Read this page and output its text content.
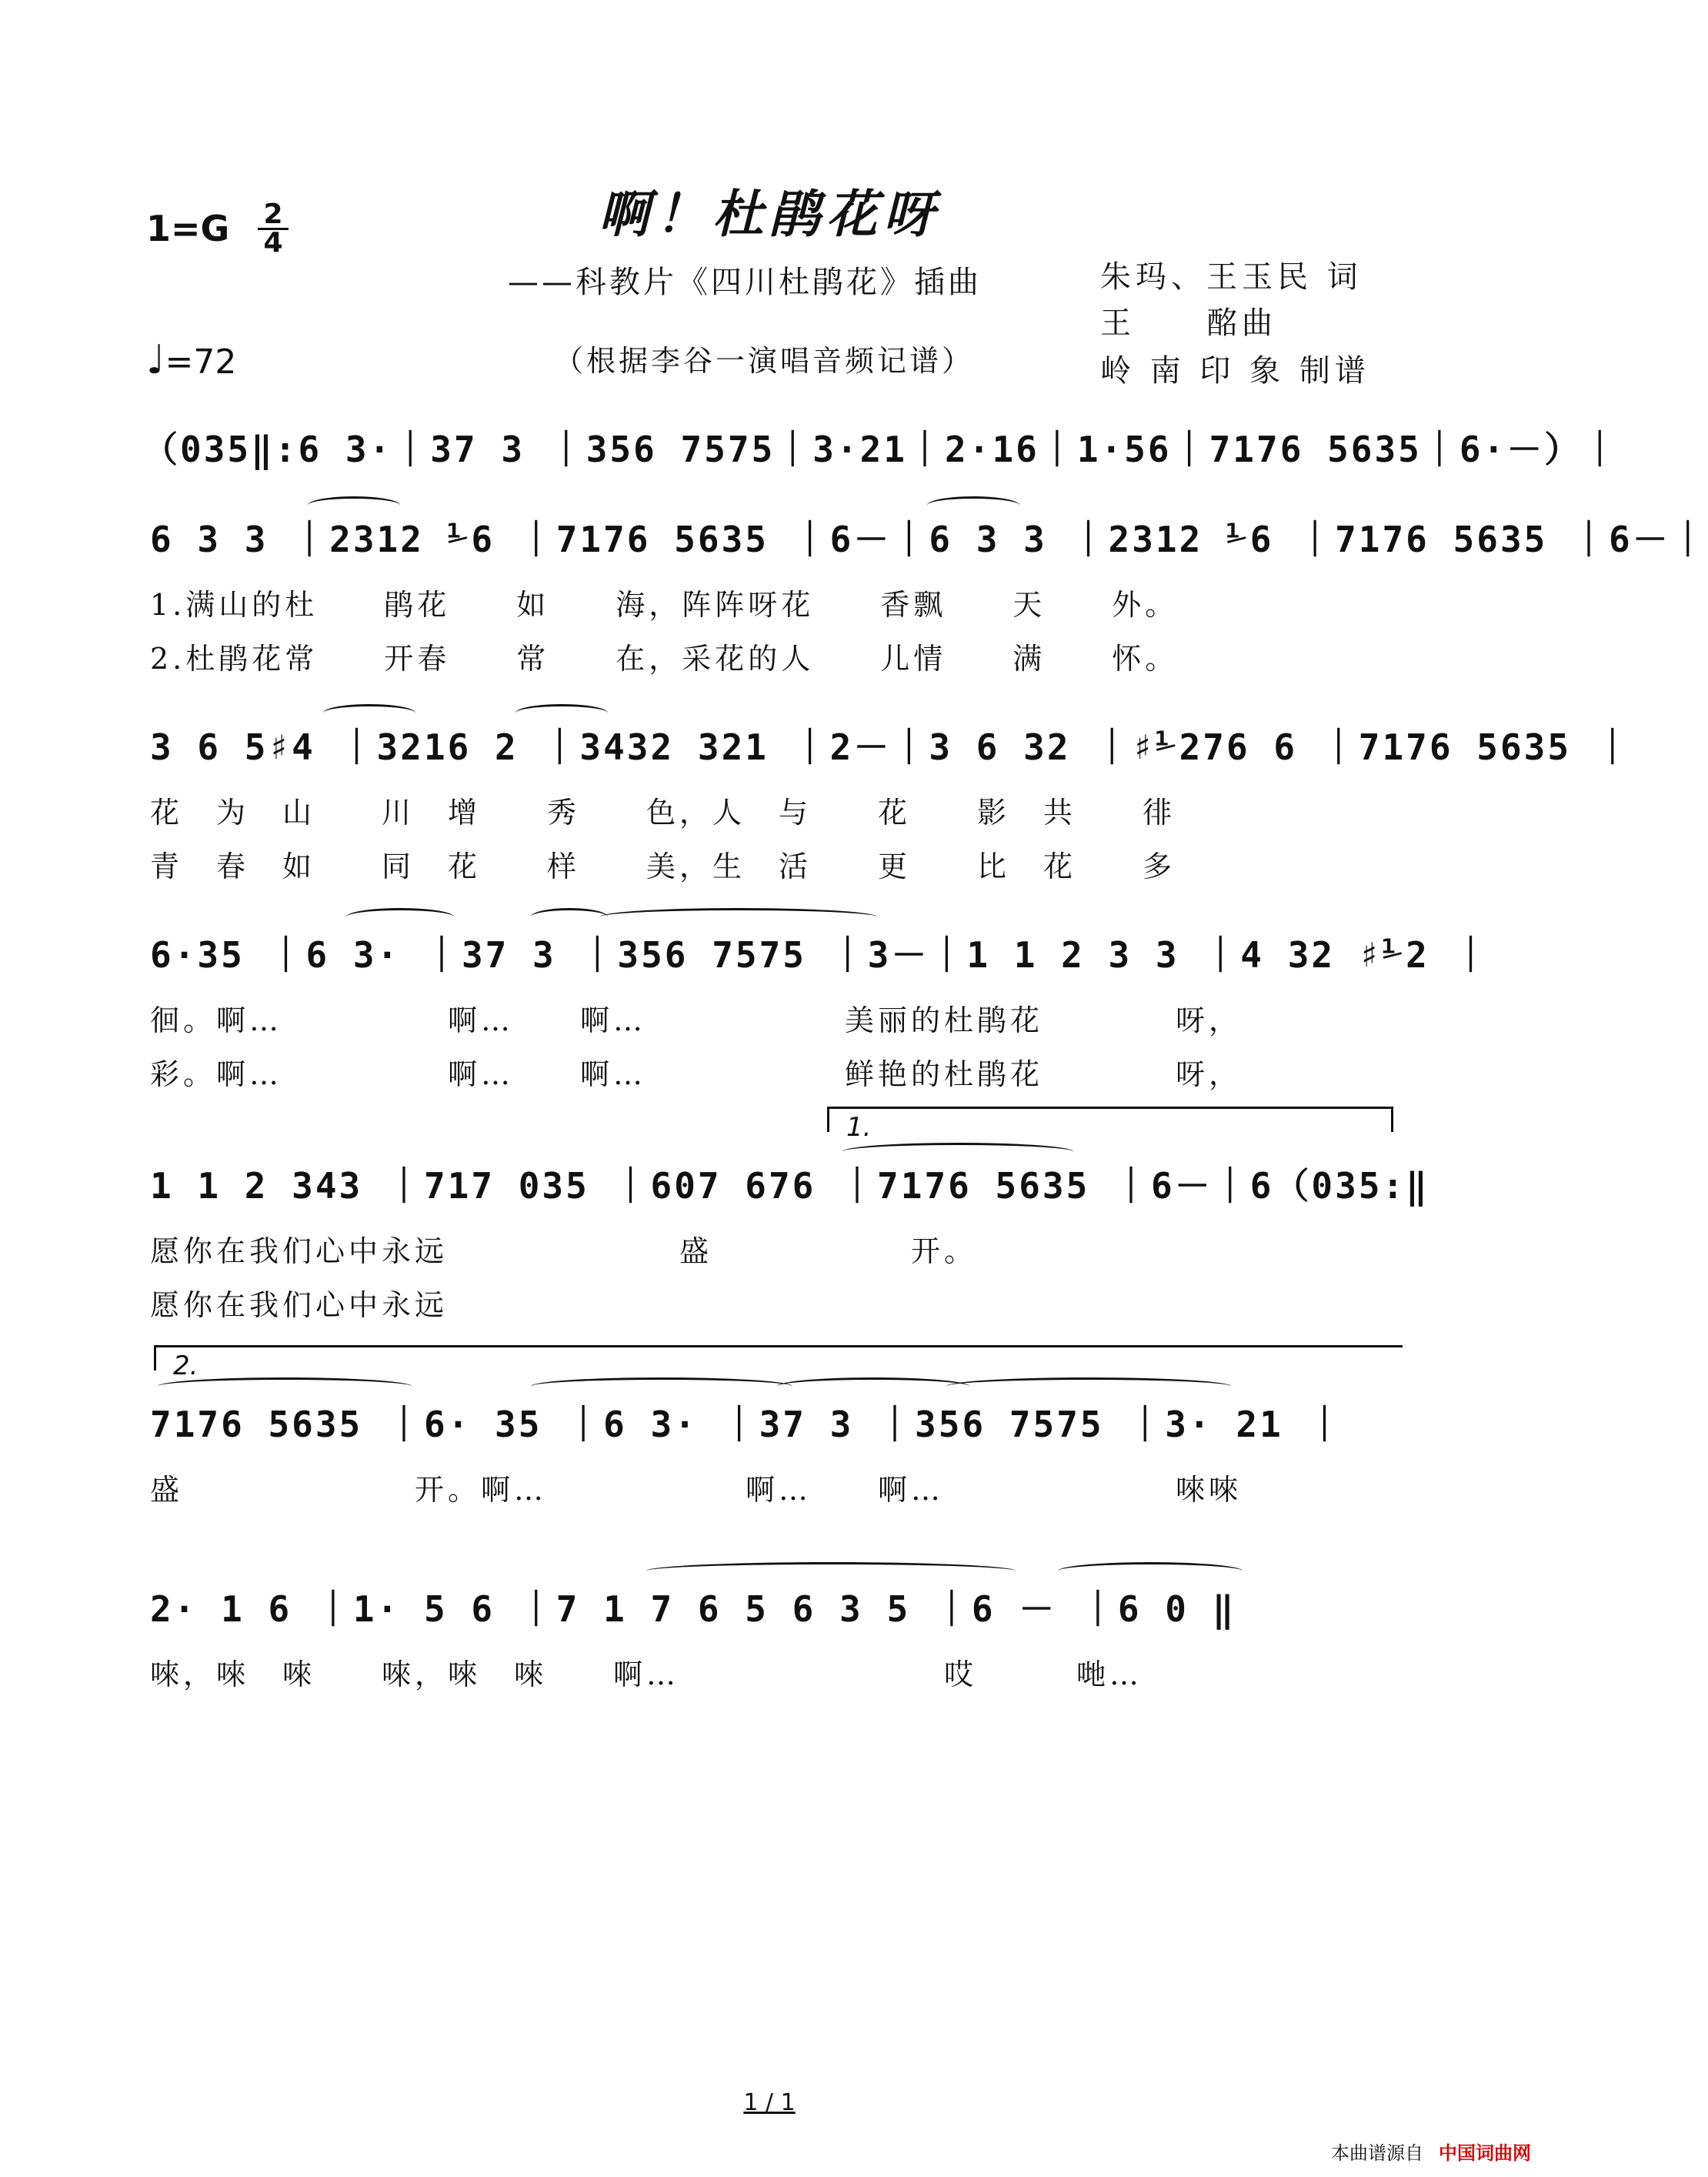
$1=G \frac{2}{4}$
♩=72
啊！杜鹃花呀
——科教片《四川杜鹃花》插曲
（根据李谷一演唱音频记谱）
朱玛、王玉民 词
王　　酩曲
岭 南 印 象 制谱
（035‖:6 3·｜37 3 ｜356 7575｜3·21｜2·16｜1·56｜7176 5635｜6·－）｜
6 3 3 ｜2312 ⅟6 ｜7176 5635 ｜6－｜6 3 3 ｜2312 ⅟6 ｜7176 5635 ｜6－｜
1.满山的杜　　鹃花　　如　　海，阵阵呀花　　香飘　　天　　外。
2.杜鹃花常　　开春　　常　　在，采花的人　　儿情　　满　　怀。
3 6 5♯4 ｜3216 2 ｜3432 321 ｜2－｜3 6 32 ｜♯⅟276 6 ｜7176 5635 ｜
花　为　山　　川　增　　秀　　色，人　与　　花　　影　共　　徘
青　春　如　　同　花　　样　　美，生　活　　更　　比　花　　多
6·35 ｜6 3· ｜37 3 ｜356 7575 ｜3－｜1 1 2 3 3 ｜4 32 ♯⅟2 ｜
徊。啊…　　　　　啊…　　啊…　　　　　　美丽的杜鹃花　　　　呀，
彩。啊…　　　　　啊…　　啊…　　　　　　鲜艳的杜鹃花　　　　呀，
1.
1 1 2 343 ｜717 035 ｜607 676 ｜7176 5635 ｜6－｜6（035:‖
愿你在我们心中永远　　　　　　　盛　　　　　　开。
愿你在我们心中永远
2.
7176 5635 ｜6· 35 ｜6 3· ｜37 3 ｜356 7575 ｜3· 21 ｜
盛　　　　　　　开。啊…　　　　　　啊…　　啊…　　　　　　　唻唻
2· 1 6 ｜1· 5 6 ｜7 1 7 6 5 6 3 5 ｜6 － ｜6 0 ‖
唻，唻　唻　　唻，唻　唻　　啊…　　　　　　　　哎　　　哋…
1 / 1
本曲谱源自 中国词曲网
